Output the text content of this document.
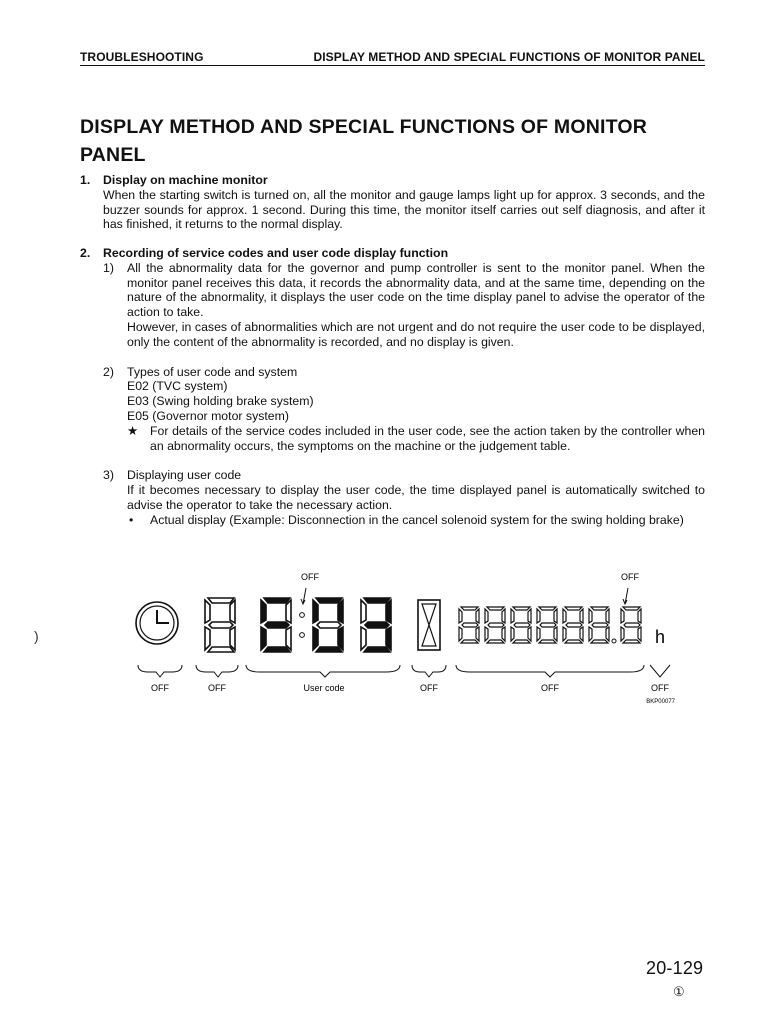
TROUBLESHOOTING	DISPLAY METHOD AND SPECIAL FUNCTIONS OF MONITOR PANEL
DISPLAY METHOD AND SPECIAL FUNCTIONS OF MONITOR
PANEL
1.	Display on machine monitor

When the starting switch is turned on, all the monitor and gauge lamps light up for approx. 3 seconds, and the buzzer sounds for approx. 1 second. During this time, the monitor itself carries out self diagnosis, and after it has finished, it returns to the normal display.

2.	Recording of service codes and user code display function
1)	All the abnormality data for the governor and pump controller is sent to the monitor panel. When the monitor panel receives this data, it records the abnormality data, and at the same time, depending on the nature of the abnormality, it displays the user code on the time display panel to advise the operator of the action to take.

However, in cases of abnormalities which are not urgent and do not require the user code to be displayed, only the content of the abnormality is recorded, and no display is given.

2)	Types of user code and system

E02 (TVC system)

E03 (Swing holding brake system)

E05 (Governor motor system)

★ For details of the service codes included in the user code, see the action taken by the controller when an abnormality occurs, the symptoms on the machine or the judgement table.

3)	Displaying user code

If it becomes necessary to display the user code, the time displayed panel is automatically switched to advise the operator to take the necessary action.

•	Actual display (Example: Disconnection in the cancel solenoid system for the swing holding brake)

OFF	OFF
h
OFF	OFF	User code	OFF	OFF	OFF
BKP00077
)
20-129
①
